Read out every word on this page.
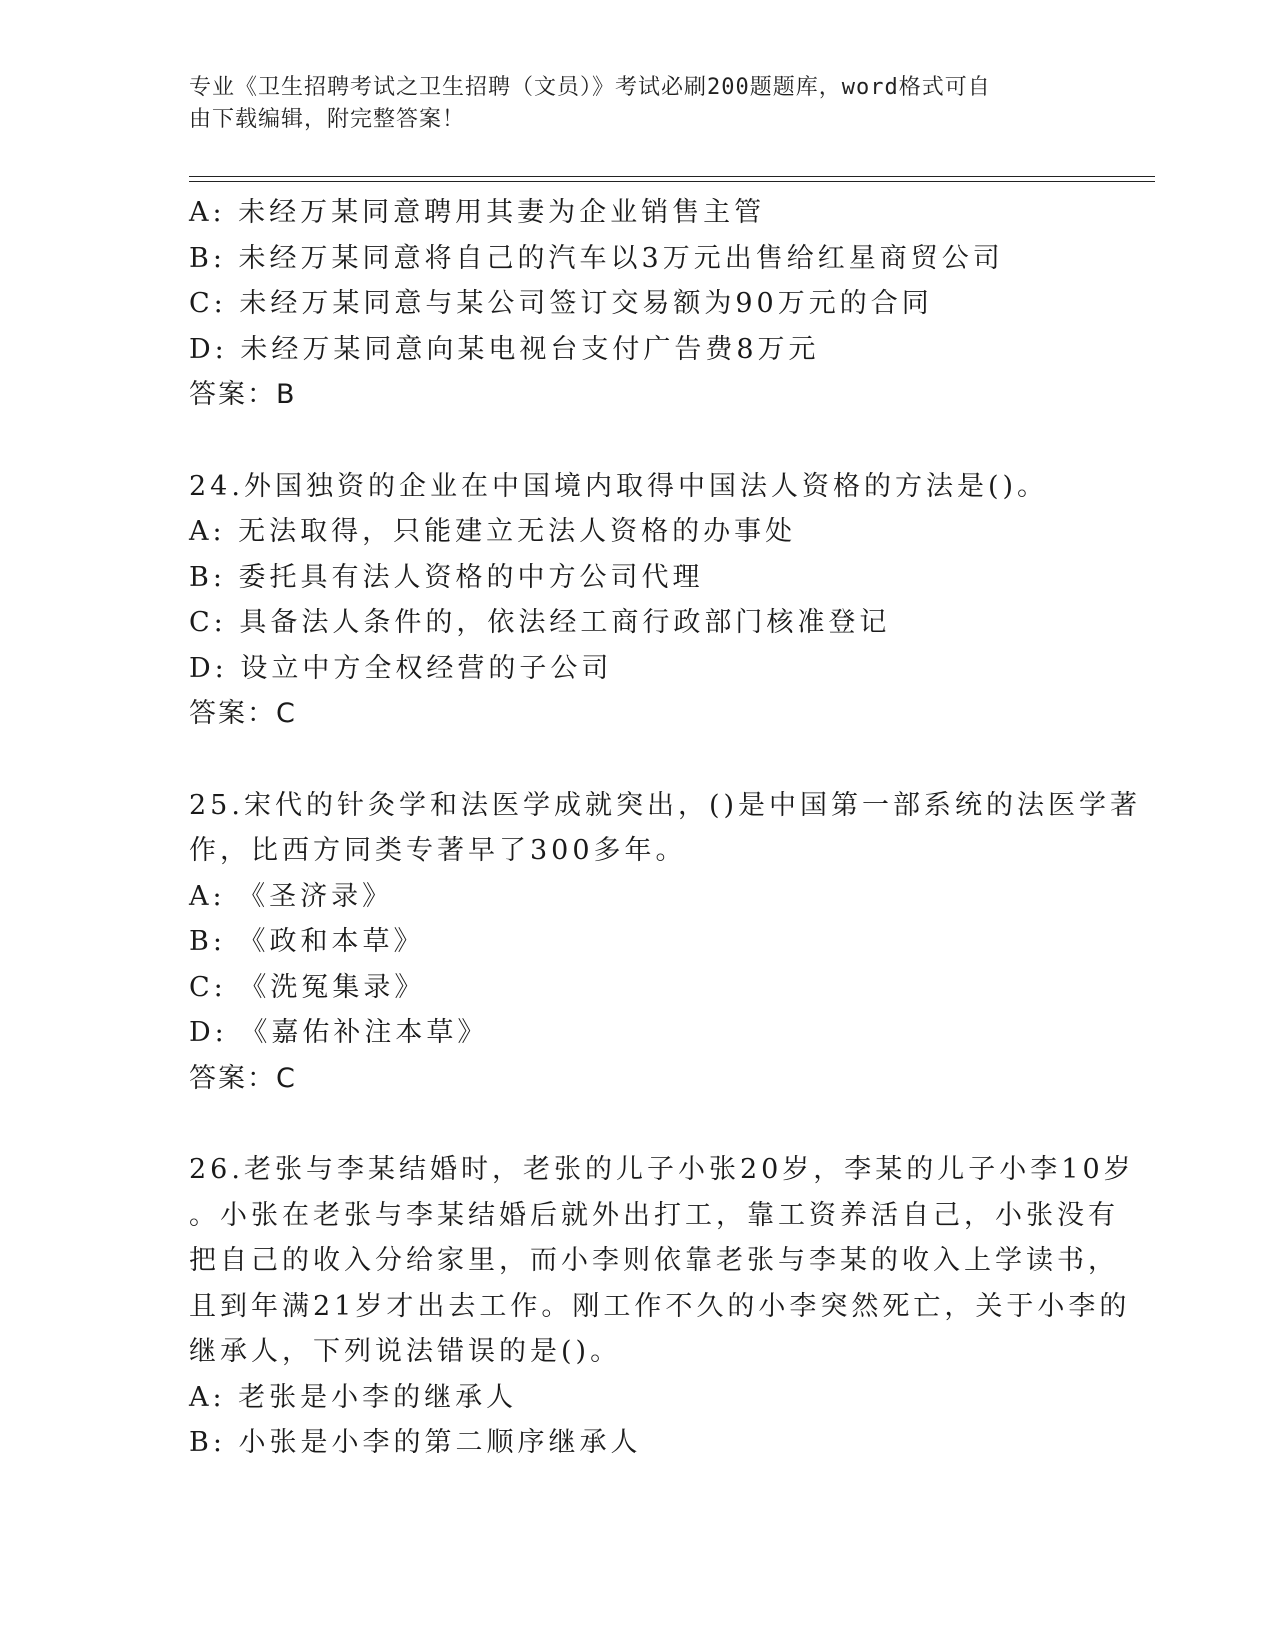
专业《卫生招聘考试之卫生招聘（文员）》考试必刷200题题库，word格式可自
由下载编辑，附完整答案！
A: 未经万某同意聘用其妻为企业销售主管
B: 未经万某同意将自己的汽车以3万元出售给红星商贸公司
C: 未经万某同意与某公司签订交易额为90万元的合同
D: 未经万某同意向某电视台支付广告费8万元
答案：B
24.外国独资的企业在中国境内取得中国法人资格的方法是()。
A: 无法取得，只能建立无法人资格的办事处
B: 委托具有法人资格的中方公司代理
C: 具备法人条件的，依法经工商行政部门核准登记
D: 设立中方全权经营的子公司
答案：C
25.宋代的针灸学和法医学成就突出，()是中国第一部系统的法医学著
作，比西方同类专著早了300多年。
A: 《圣济录》
B: 《政和本草》
C: 《洗冤集录》
D: 《嘉佑补注本草》
答案：C
26.老张与李某结婚时，老张的儿子小张20岁，李某的儿子小李10岁
。小张在老张与李某结婚后就外出打工，靠工资养活自己，小张没有
把自己的收入分给家里，而小李则依靠老张与李某的收入上学读书，
且到年满21岁才出去工作。刚工作不久的小李突然死亡，关于小李的
继承人，下列说法错误的是()。
A: 老张是小李的继承人
B: 小张是小李的第二顺序继承人
